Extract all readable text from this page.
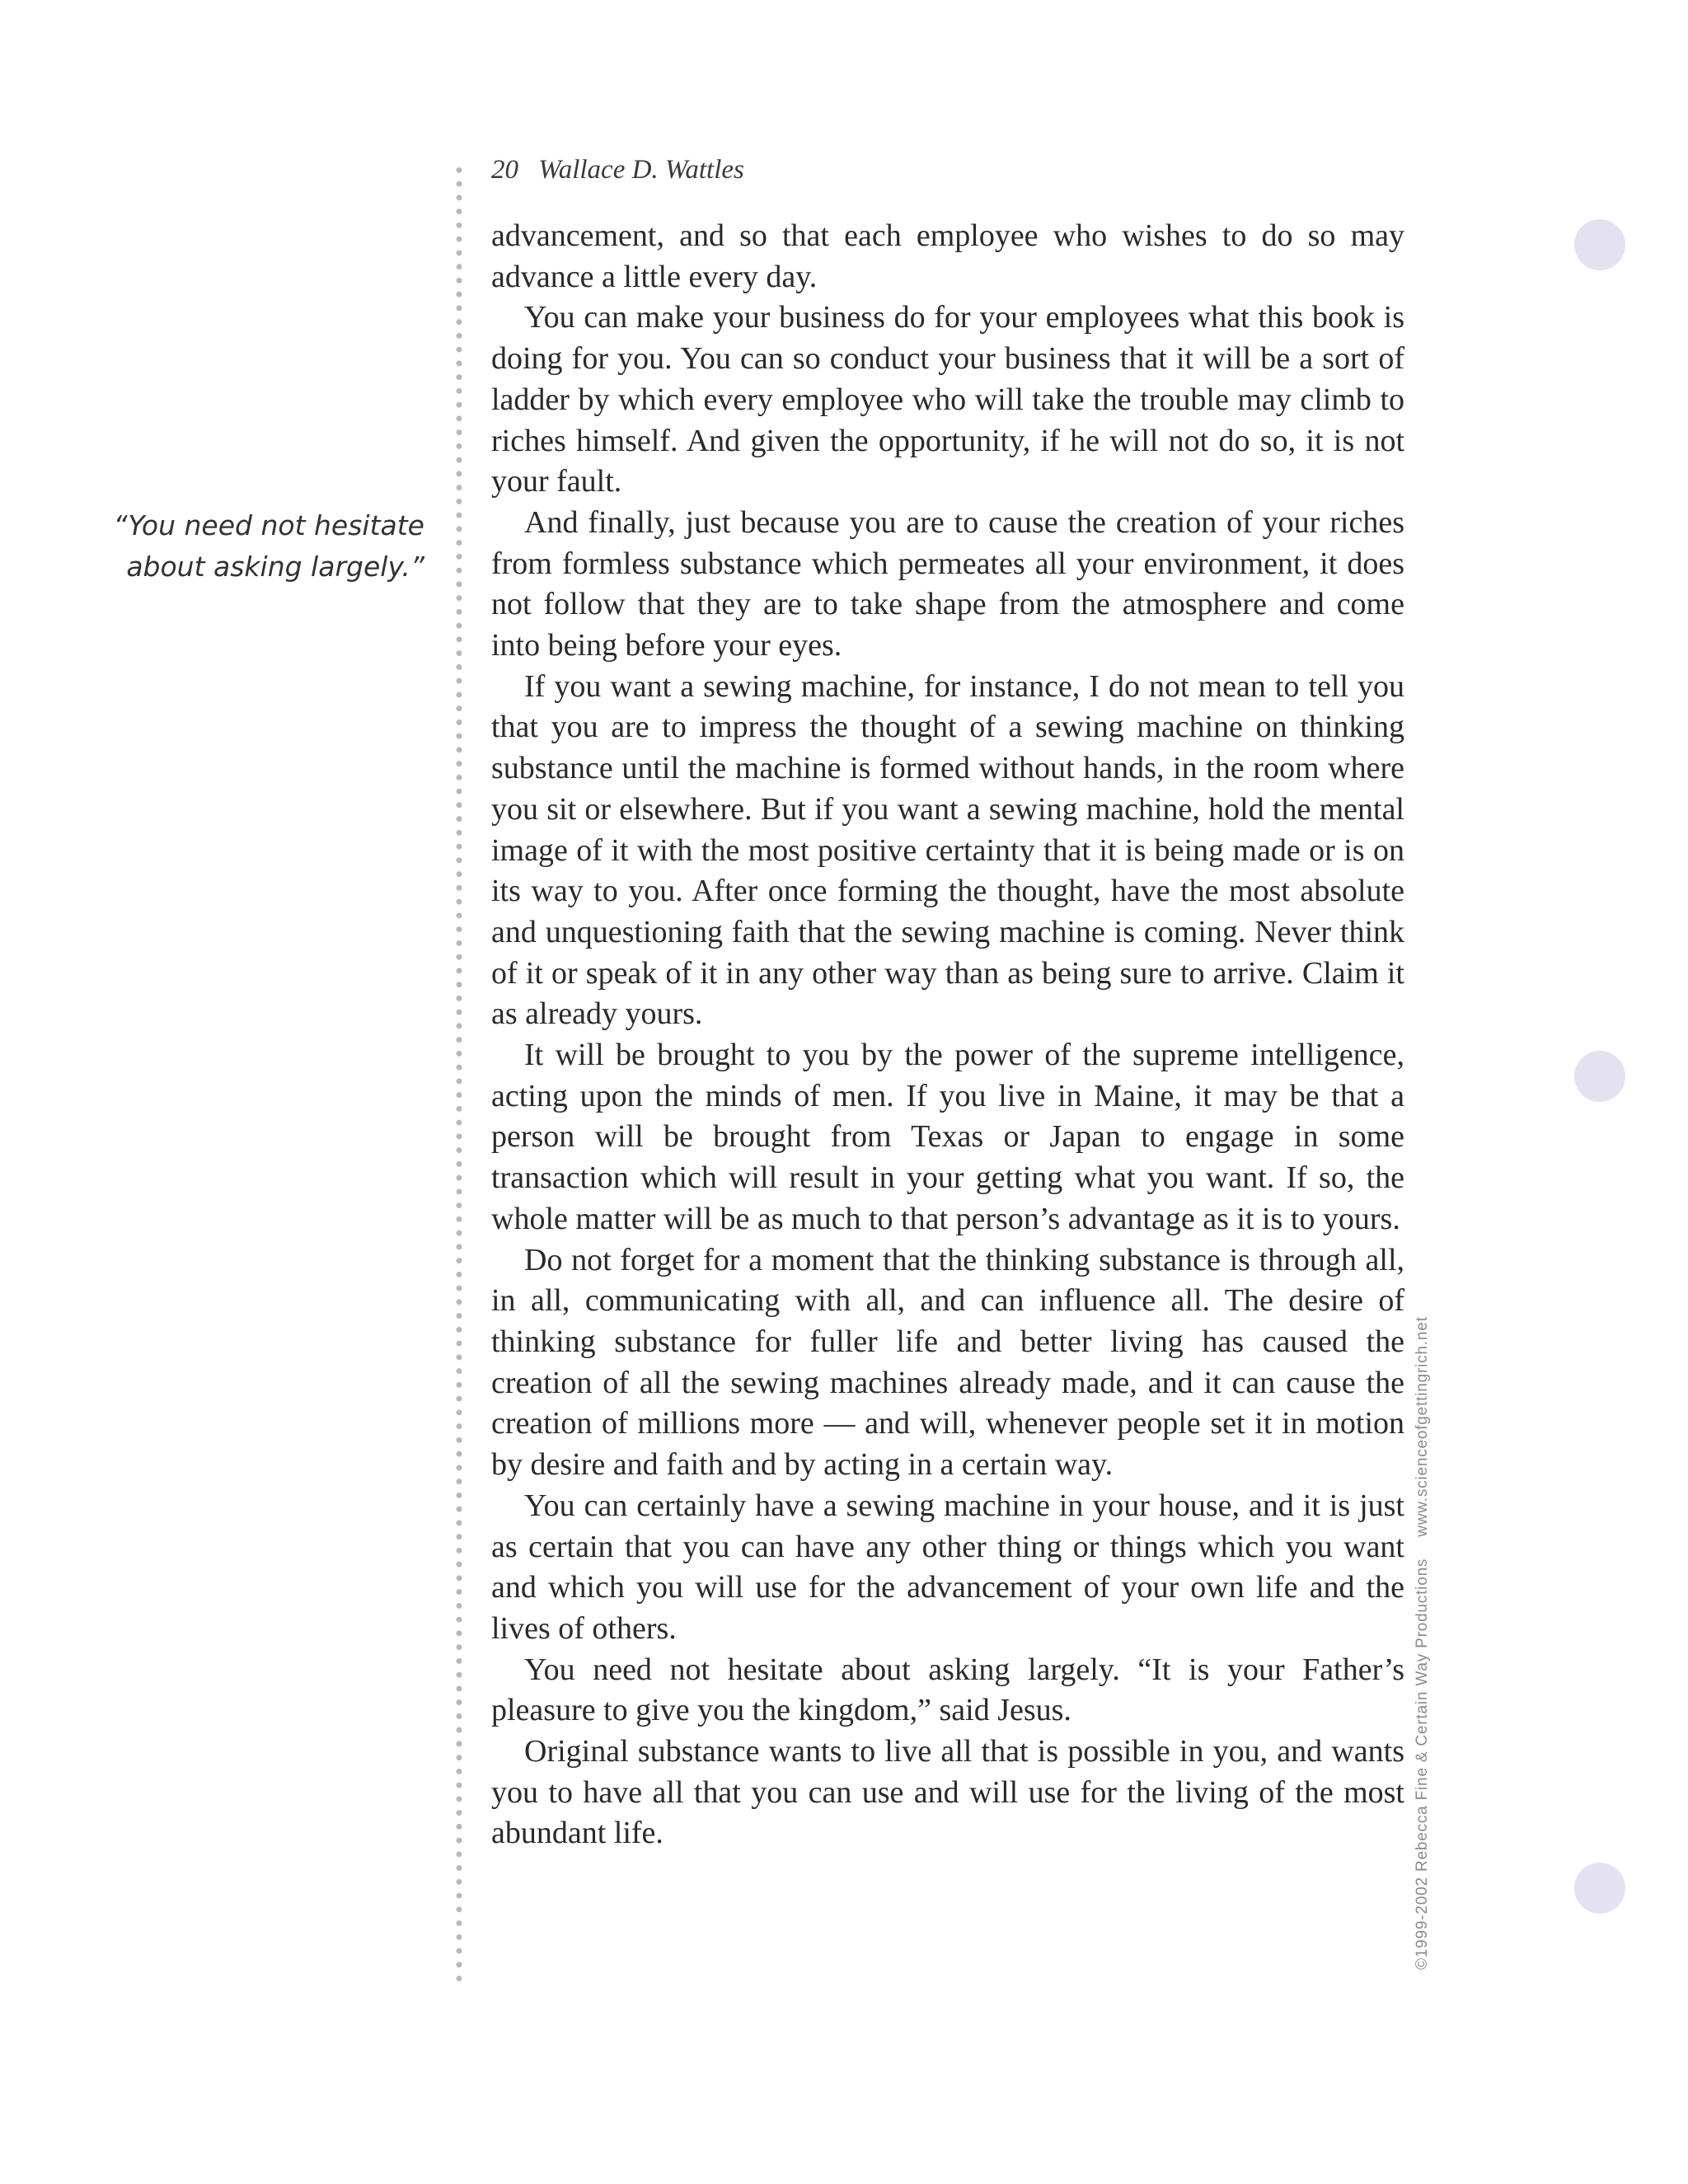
20 Wallace D. Wattles
“You need not hesitate about asking largely.”

advancement, and so that each employee who wishes to do so may advance a little every day.

You can make your business do for your employees what this book is doing for you. You can so conduct your business that it will be a sort of ladder by which every employee who will take the trouble may climb to riches himself. And given the opportunity, if he will not do so, it is not your fault.

And finally, just because you are to cause the creation of your riches from formless substance which permeates all your environment, it does not follow that they are to take shape from the atmosphere and come into being before your eyes.

If you want a sewing machine, for instance, I do not mean to tell you that you are to impress the thought of a sewing machine on thinking substance until the machine is formed without hands, in the room where you sit or elsewhere. But if you want a sewing machine, hold the mental image of it with the most positive certainty that it is being made or is on its way to you. After once forming the thought, have the most absolute and unquestioning faith that the sewing machine is coming. Never think of it or speak of it in any other way than as being sure to arrive. Claim it as already yours.

It will be brought to you by the power of the supreme intelligence, acting upon the minds of men. If you live in Maine, it may be that a person will be brought from Texas or Japan to engage in some transaction which will result in your getting what you want. If so, the whole matter will be as much to that person’s advantage as it is to yours.

Do not forget for a moment that the thinking substance is through all, in all, communicating with all, and can influence all. The desire of thinking substance for fuller life and better living has caused the creation of all the sewing machines already made, and it can cause the creation of millions more — and will, whenever people set it in motion by desire and faith and by acting in a certain way.

You can certainly have a sewing machine in your house, and it is just as certain that you can have any other thing or things which you want and which you will use for the advancement of your own life and the lives of others.

You need not hesitate about asking largely. “It is your Father’s pleasure to give you the kingdom,” said Jesus.

Original substance wants to live all that is possible in you, and wants you to have all that you can use and will use for the living of the most abundant life.	©1999-2002 Rebecca Fine & Certain Way Productionswww.scienceofgettingrich.net
